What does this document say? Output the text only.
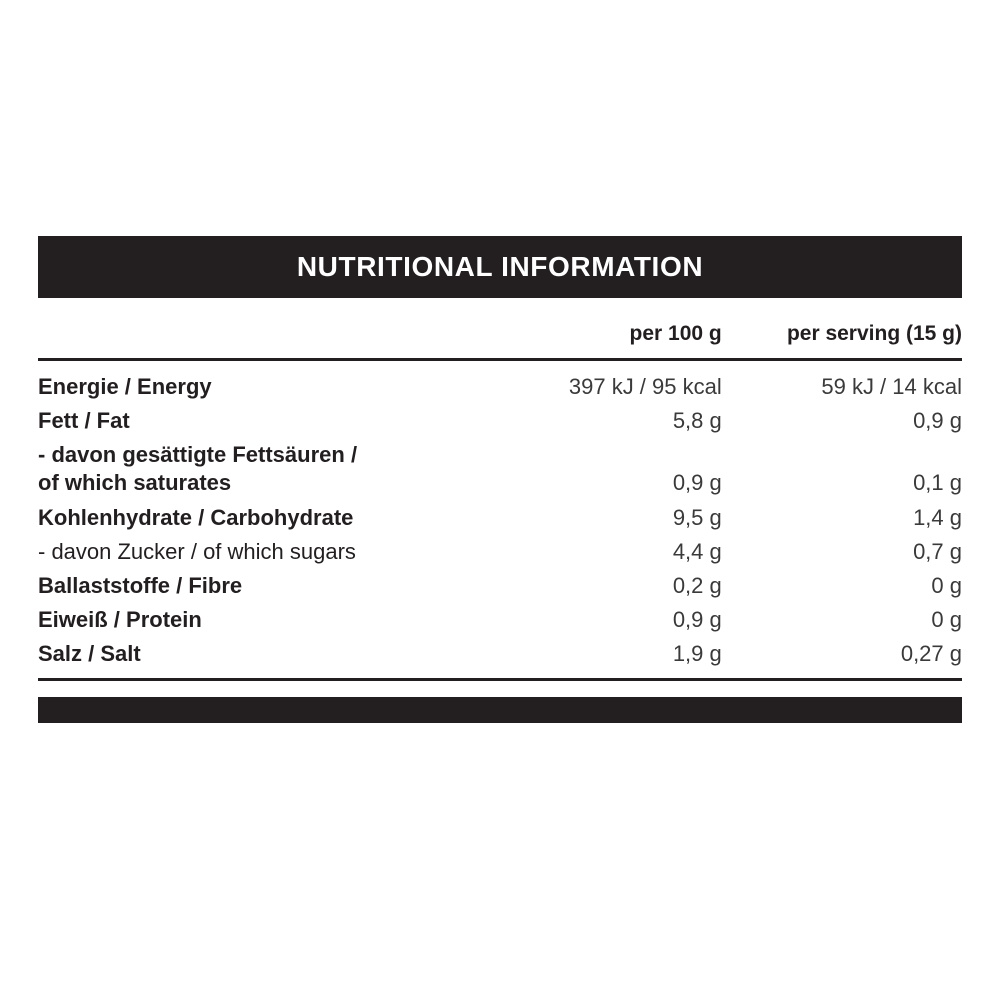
NUTRITIONAL INFORMATION
	per 100 g	per serving (15 g)

Energie / Energy	397 kJ / 95 kcal	59 kJ / 14 kcal

Fett / Fat	5,8 g	0,9 g

- davon gesättigte Fettsäuren /
of which saturates	0,9 g	0,1 g

Kohlenhydrate / Carbohydrate	9,5 g	1,4 g

- davon Zucker / of which sugars	4,4 g	0,7 g

Ballaststoffe / Fibre	0,2 g	0 g

Eiweiß / Protein	0,9 g	0 g

Salz / Salt	1,9 g	0,27 g
